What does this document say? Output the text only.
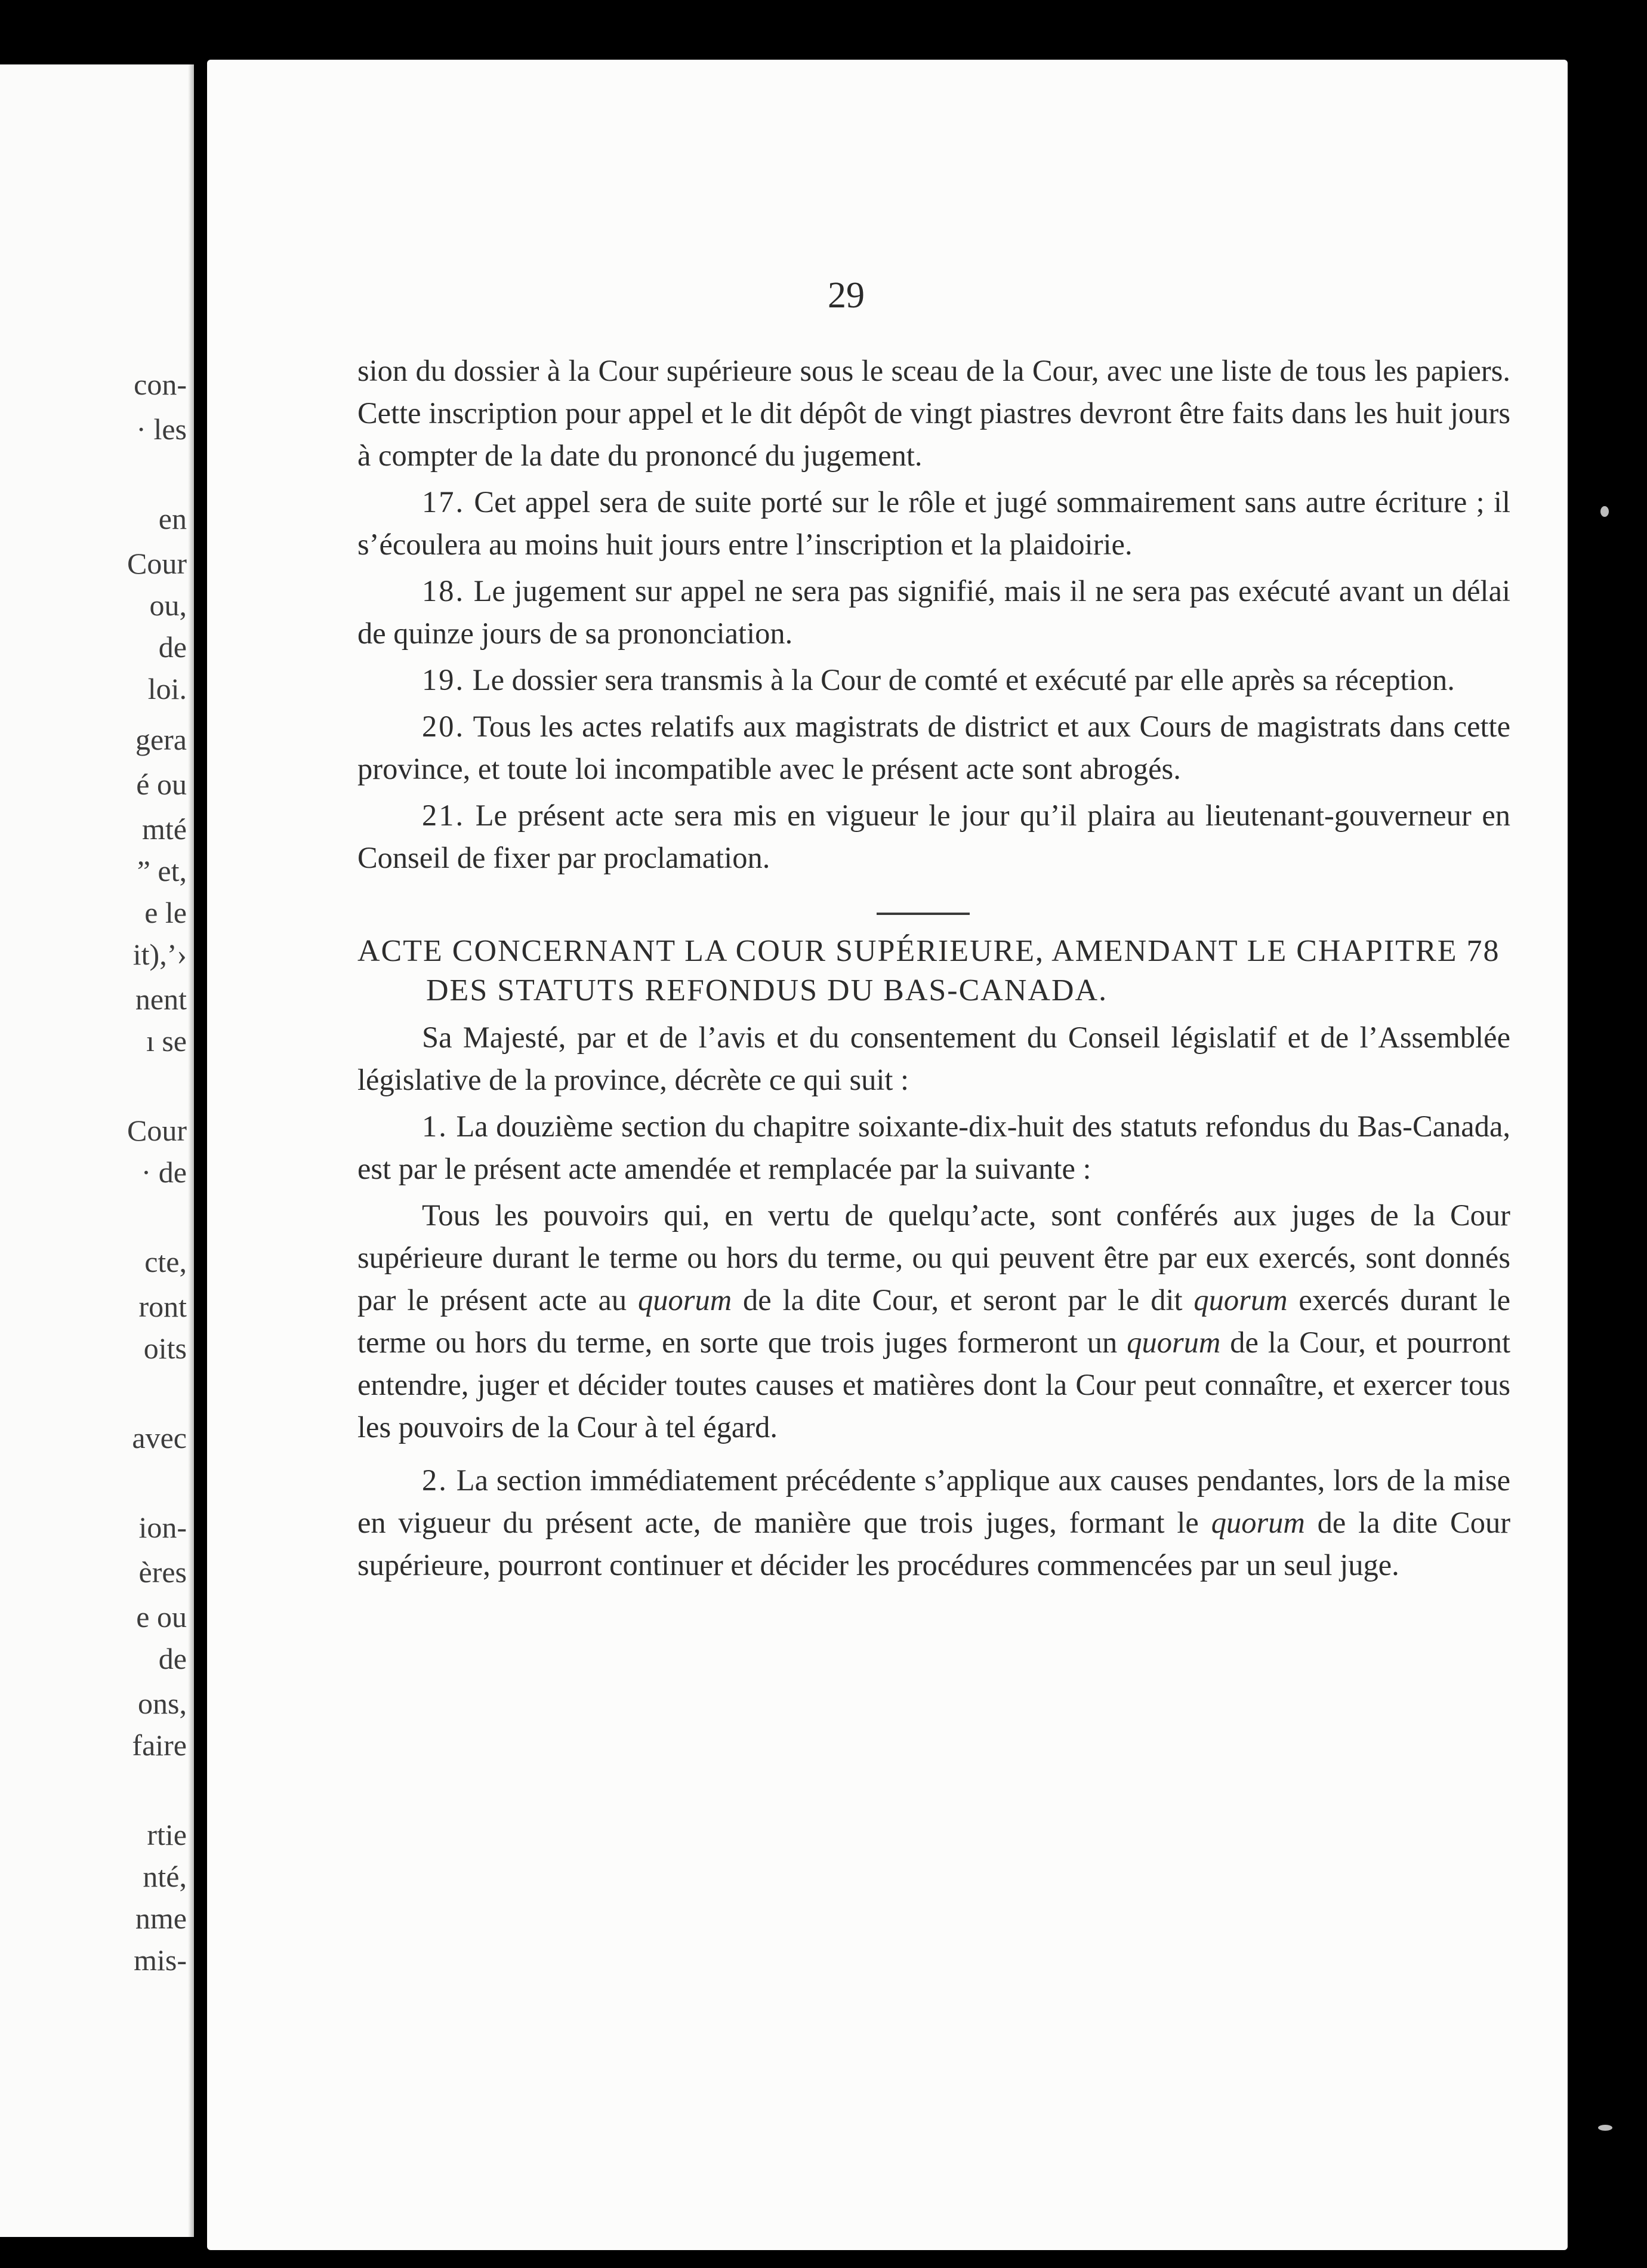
con-
· les
en
Cour
ou,
de
loi.
gera
é ou
mté
” et,
e le
it),’›
nent
ı se
Cour
· de
cte,
ront
oits
avec
ion-
ères
e ou
de
ons,
faire
rtie
nté,
nme
mis-
29

sion du dossier à la Cour supérieure sous le sceau de la Cour, avec une liste de tous les papiers. Cette inscription pour appel et le dit dépôt de vingt piastres devront être faits dans les huit jours à compter de la date du prononcé du jugement.

17. Cet appel sera de suite porté sur le rôle et jugé sommairement sans autre écriture ; il s’écoulera au moins huit jours entre l’inscription et la plaidoirie.

18. Le jugement sur appel ne sera pas signifié, mais il ne sera pas exécuté avant un délai de quinze jours de sa prononciation.

19. Le dossier sera transmis à la Cour de comté et exécuté par elle après sa réception.

20. Tous les actes relatifs aux magistrats de district et aux Cours de magistrats dans cette province, et toute loi incompatible avec le présent acte sont abrogés.

21. Le présent acte sera mis en vigueur le jour qu’il plaira au lieutenant-gouverneur en Conseil de fixer par proclamation.

ACTE CONCERNANT LA COUR SUPÉRIEURE, AMENDANT LE CHAPITRE 78 DES STATUTS REFONDUS DU BAS-CANADA.

Sa Majesté, par et de l’avis et du consentement du Conseil législatif et de l’Assemblée législative de la province, décrète ce qui suit :

1. La douzième section du chapitre soixante-dix-huit des statuts refondus du Bas-Canada, est par le présent acte amendée et remplacée par la suivante :

Tous les pouvoirs qui, en vertu de quelqu’acte, sont conférés aux juges de la Cour supérieure durant le terme ou hors du terme, ou qui peuvent être par eux exercés, sont donnés par le présent acte au quorum de la dite Cour, et seront par le dit quorum exercés durant le terme ou hors du terme, en sorte que trois juges formeront un quorum de la Cour, et pourront entendre, juger et décider toutes causes et matières dont la Cour peut connaître, et exercer tous les pouvoirs de la Cour à tel égard.

2. La section immédiatement précédente s’applique aux causes pendantes, lors de la mise en vigueur du présent acte, de manière que trois juges, formant le quorum de la dite Cour supérieure, pourront continuer et décider les procédures commencées par un seul juge.
